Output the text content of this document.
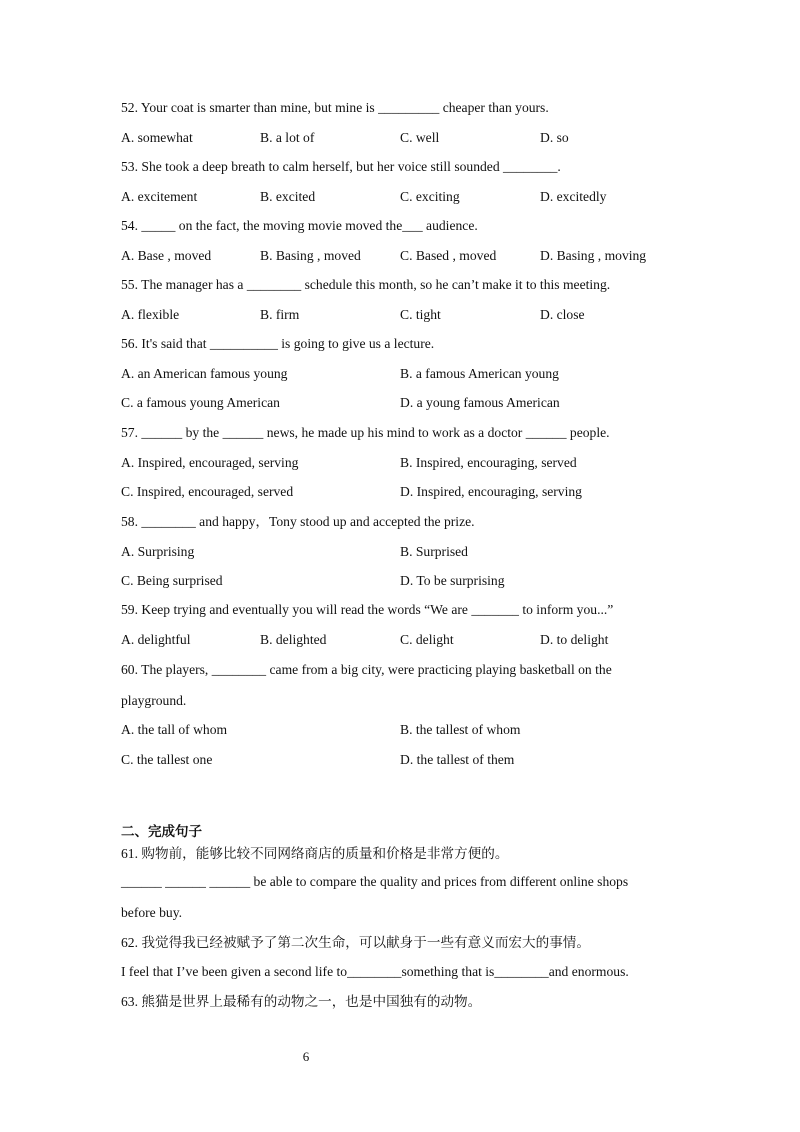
52. Your coat is smarter than mine, but mine is _________ cheaper than yours.
A. somewhat	B. a lot of	C. well	D. so
53. She took a deep breath to calm herself, but her voice still sounded ________.
A. excitement	B. excited	C. exciting	D. excitedly
54. _____ on the fact, the moving movie moved the___ audience.
A. Base , moved	B. Basing , moved	C. Based , moved	D. Basing , moving
55. The manager has a ________ schedule this month, so he can’t make it to this meeting.
A. flexible	B. firm	C. tight	D. close
56. It's said that __________ is going to give us a lecture.
A. an American famous young	B. a famous American young
C. a famous young American	D. a young famous American
57. ______ by the ______ news, he made up his mind to work as a doctor ______ people.
A. Inspired, encouraged, serving	B. Inspired, encouraging, served
C. Inspired, encouraged, served	D. Inspired, encouraging, serving
58. ________ and happy，Tony stood up and accepted the prize.
A. Surprising	B. Surprised
C. Being surprised	D. To be surprising
59. Keep trying and eventually you will read the words “We are _______ to inform you...”
A. delightful	B. delighted	C. delight	D. to delight
60. The players, ________ came from a big city, were practicing playing basketball on the
playground.
A. the tall of whom	B. the tallest of whom
C. the tallest one	D. the tallest of them
二、完成句子
61. 购物前，能够比较不同网络商店的质量和价格是非常方便的。
______ ______ ______ be able to compare the quality and prices from different online shops
before buy.
62. 我觉得我已经被赋予了第二次生命，可以献身于一些有意义而宏大的事情。
I feel that I’ve been given a second life to________something that is________and enormous.
63. 熊猫是世界上最稀有的动物之一，也是中国独有的动物。
6
